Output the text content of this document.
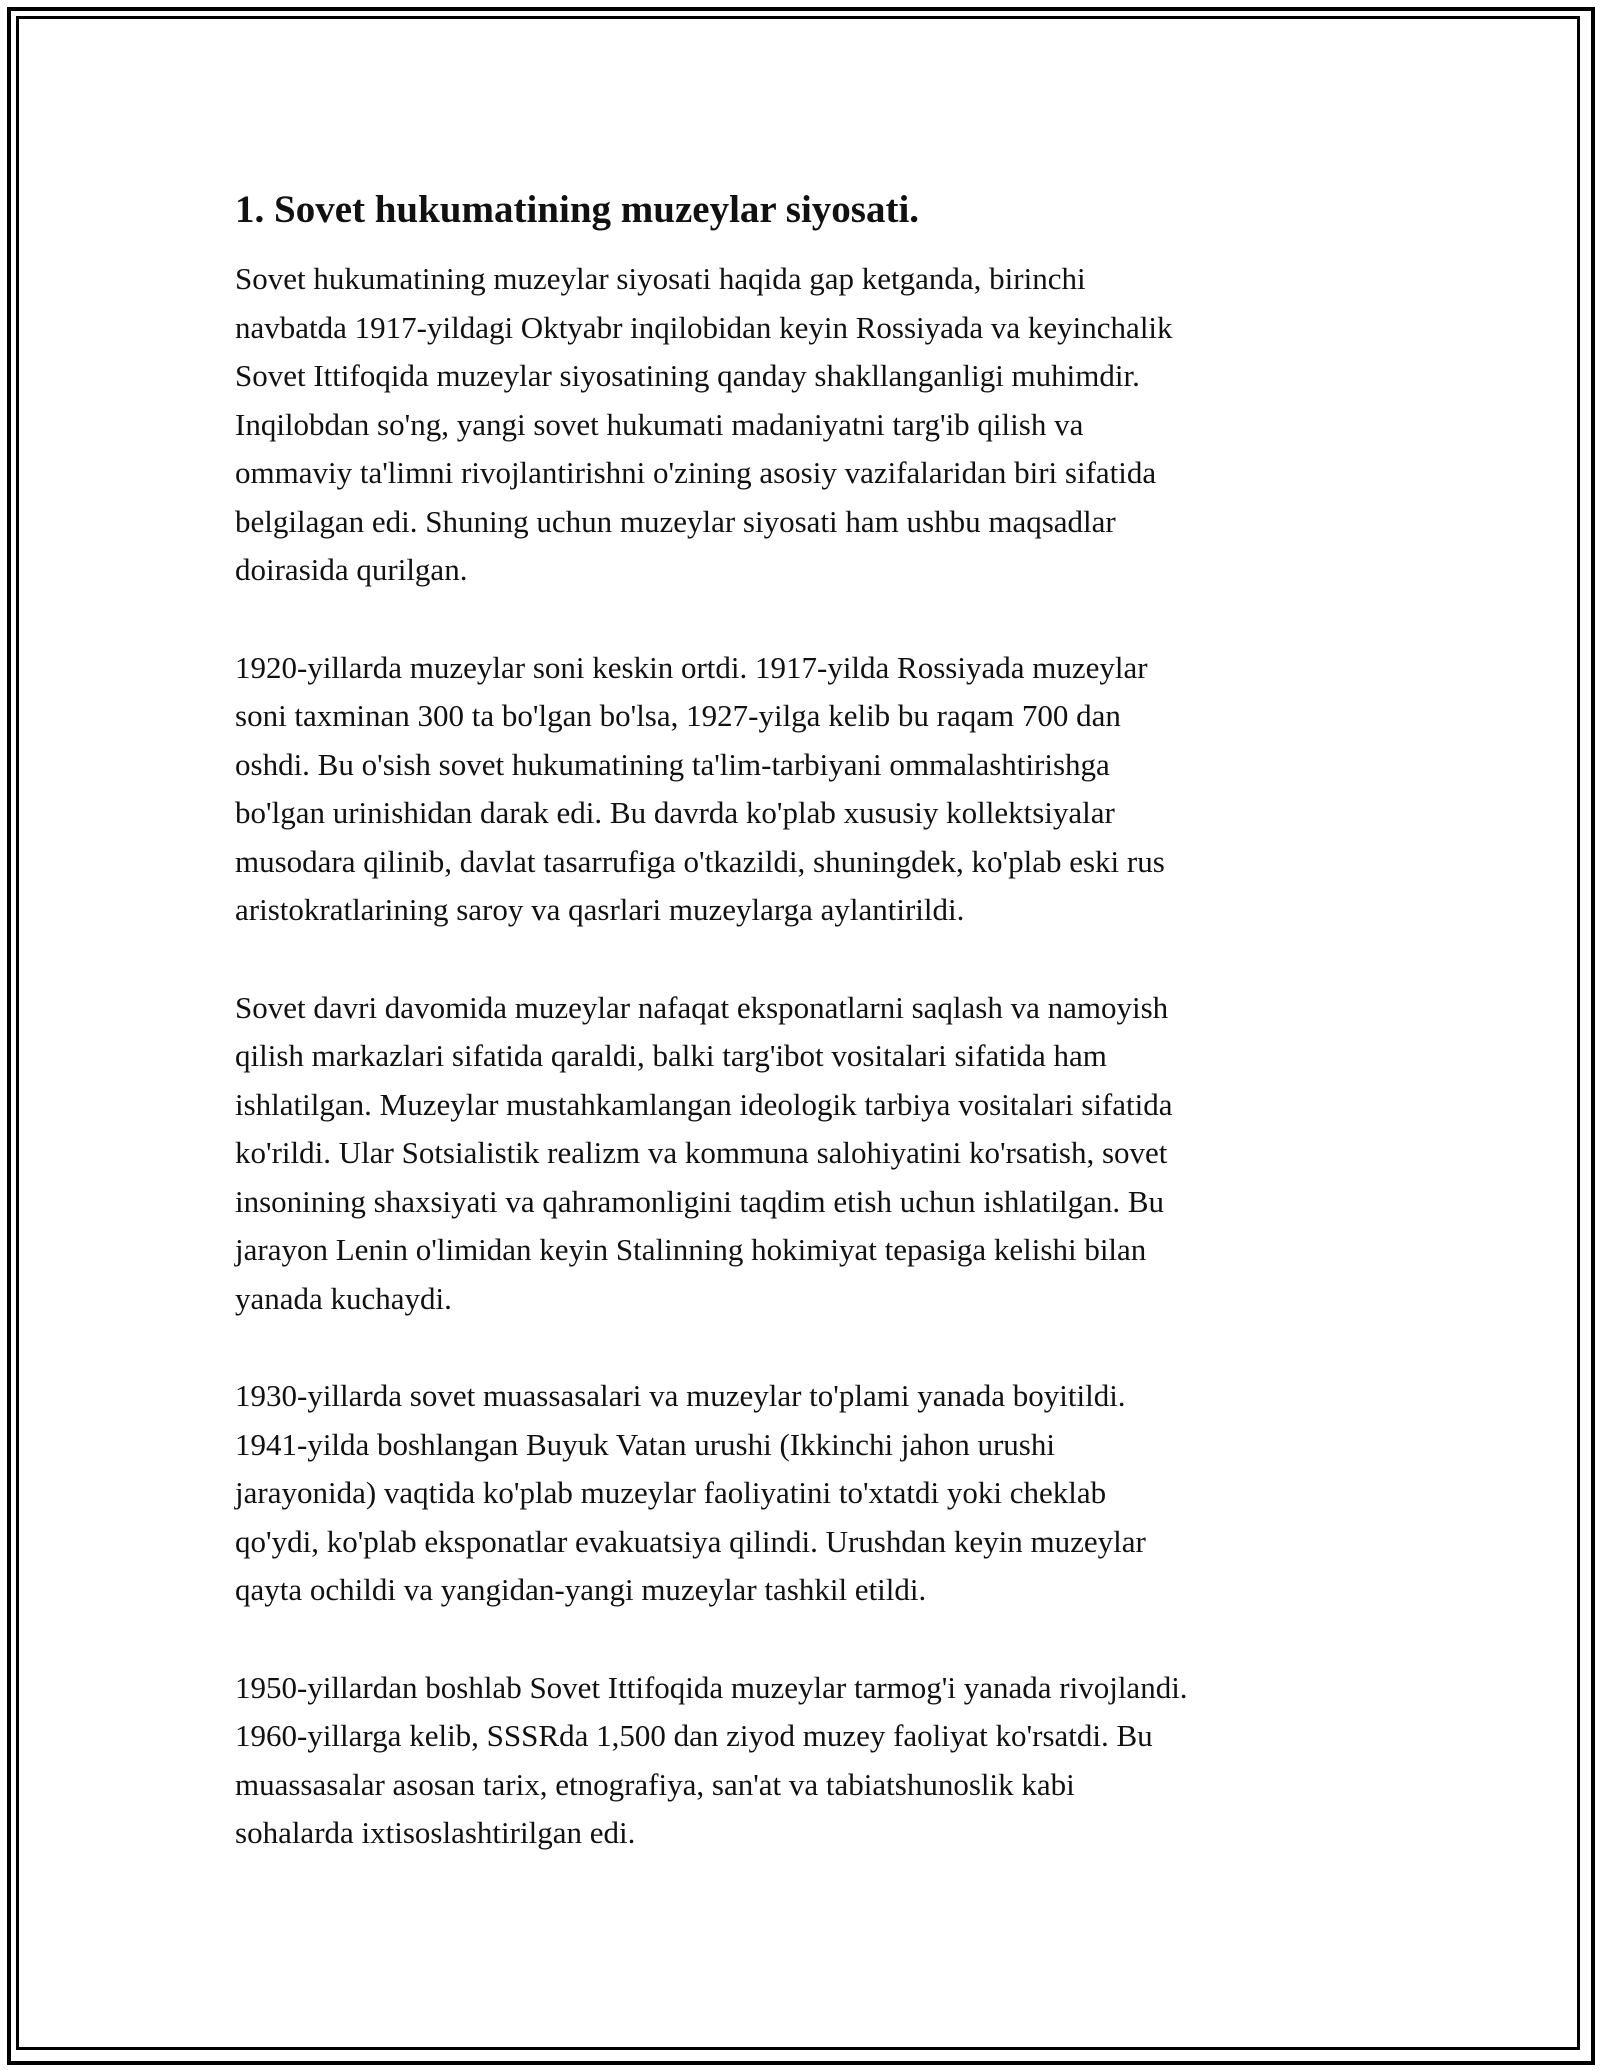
1. Sovet hukumatining muzeylar siyosati.

Sovet hukumatining muzeylar siyosati haqida gap ketganda, birinchi
navbatda 1917-yildagi Oktyabr inqilobidan keyin Rossiyada va keyinchalik
Sovet Ittifoqida muzeylar siyosatining qanday shakllanganligi muhimdir.
Inqilobdan so'ng, yangi sovet hukumati madaniyatni targ'ib qilish va
ommaviy ta'limni rivojlantirishni o'zining asosiy vazifalaridan biri sifatida
belgilagan edi. Shuning uchun muzeylar siyosati ham ushbu maqsadlar
doirasida qurilgan.

1920-yillarda muzeylar soni keskin ortdi. 1917-yilda Rossiyada muzeylar
soni taxminan 300 ta bo'lgan bo'lsa, 1927-yilga kelib bu raqam 700 dan
oshdi. Bu o'sish sovet hukumatining ta'lim-tarbiyani ommalashtirishga
bo'lgan urinishidan darak edi. Bu davrda ko'plab xususiy kollektsiyalar
musodara qilinib, davlat tasarrufiga o'tkazildi, shuningdek, ko'plab eski rus
aristokratlarining saroy va qasrlari muzeylarga aylantirildi.

Sovet davri davomida muzeylar nafaqat eksponatlarni saqlash va namoyish
qilish markazlari sifatida qaraldi, balki targ'ibot vositalari sifatida ham
ishlatilgan. Muzeylar mustahkamlangan ideologik tarbiya vositalari sifatida
ko'rildi. Ular Sotsialistik realizm va kommuna salohiyatini ko'rsatish, sovet
insonining shaxsiyati va qahramonligini taqdim etish uchun ishlatilgan. Bu
jarayon Lenin o'limidan keyin Stalinning hokimiyat tepasiga kelishi bilan
yanada kuchaydi.

1930-yillarda sovet muassasalari va muzeylar to'plami yanada boyitildi.
1941-yilda boshlangan Buyuk Vatan urushi (Ikkinchi jahon urushi
jarayonida) vaqtida ko'plab muzeylar faoliyatini to'xtatdi yoki cheklab
qo'ydi, ko'plab eksponatlar evakuatsiya qilindi. Urushdan keyin muzeylar
qayta ochildi va yangidan-yangi muzeylar tashkil etildi.

1950-yillardan boshlab Sovet Ittifoqida muzeylar tarmog'i yanada rivojlandi.
1960-yillarga kelib, SSSRda 1,500 dan ziyod muzey faoliyat ko'rsatdi. Bu
muassasalar asosan tarix, etnografiya, san'at va tabiatshunoslik kabi
sohalarda ixtisoslashtirilgan edi.
